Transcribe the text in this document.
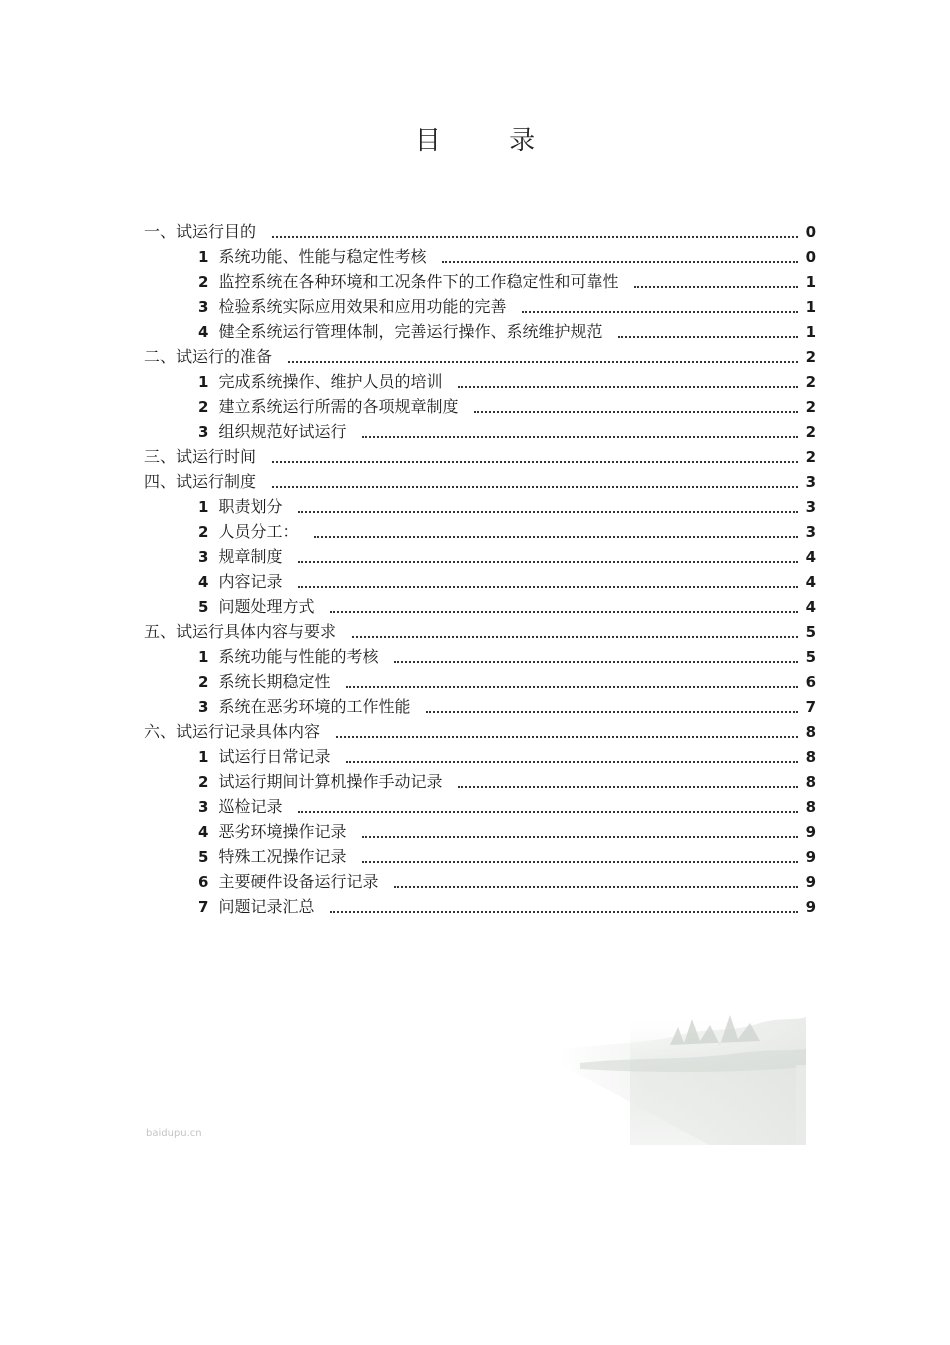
目 录
一、试运行目的	0
1 系统功能、性能与稳定性考核	0
2 监控系统在各种环境和工况条件下的工作稳定性和可靠性	1
3 检验系统实际应用效果和应用功能的完善	1
4 健全系统运行管理体制，完善运行操作、系统维护规范	1
二、试运行的准备	2
1 完成系统操作、维护人员的培训	2
2 建立系统运行所需的各项规章制度	2
3 组织规范好试运行	2
三、试运行时间	2
四、试运行制度	3
1 职责划分	3
2 人员分工：	3
3 规章制度	4
4 内容记录	4
5 问题处理方式	4
五、试运行具体内容与要求	5
1 系统功能与性能的考核	5
2 系统长期稳定性	6
3 系统在恶劣环境的工作性能	7
六、试运行记录具体内容	8
1 试运行日常记录	8
2 试运行期间计算机操作手动记录	8
3 巡检记录	8
4 恶劣环境操作记录	9
5 特殊工况操作记录	9
6 主要硬件设备运行记录	9
7 问题记录汇总	9
baidupu.cn
